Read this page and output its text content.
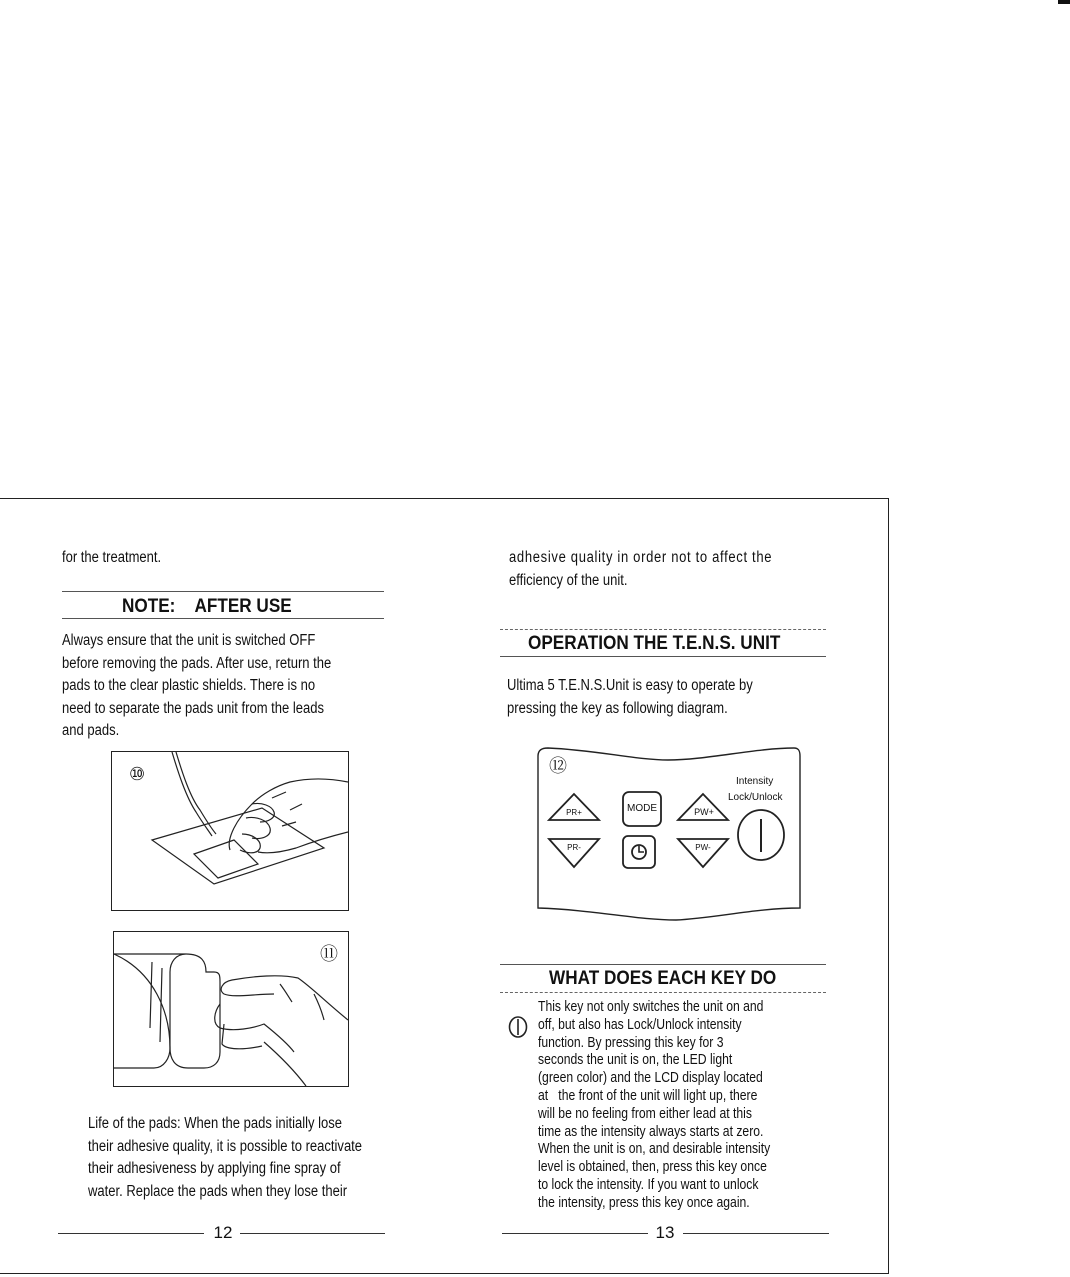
for the treatment.
NOTE: AFTER USE
Always ensure that the unit is switched OFF
before removing the pads. After use, return the
pads to the clear plastic shields. There is no
need to separate the pads unit from the leads
and pads.
⑩
⑪
Life of the pads: When the pads initially lose
their adhesive quality, it is possible to reactivate
their adhesiveness by applying fine spray of
water. Replace the pads when they lose their
12
adhesive quality in order not to affect the
efficiency of the unit.
OPERATION THE T.E.N.S. UNIT
Ultima 5 T.E.N.S.Unit is easy to operate by
pressing the key as following diagram.
⑫
Intensity
Lock/Unlock
PR+	MODE	PW+
PR-	PW-
WHAT DOES EACH KEY DO
This key not only switches the unit on and
off, but also has Lock/Unlock intensity
function. By pressing this key for 3
seconds the unit is on, the LED light
(green color) and the LCD display located
at   the front of the unit will light up, there
will be no feeling from either lead at this
time as the intensity always starts at zero.
When the unit is on, and desirable intensity
level is obtained, then, press this key once
to lock the intensity. If you want to unlock
the intensity, press this key once again.
13
